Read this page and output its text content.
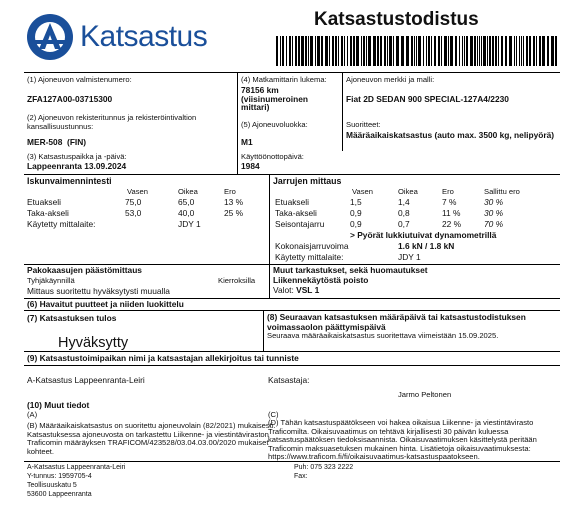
Katsastus
Katsastustodistus
(1) Ajoneuvon valmistenumero:
ZFA127A00-03715300
(2) Ajoneuvon rekisteritunnus ja rekisteröintivaltion kansallisuustunnus:
MER-508  (FIN)
(3) Katsastuspaikka ja -päivä:
Lappeenranta 13.09.2024
(4) Matkamittarin lukema:
78156 km (viisinumeroinen mittari)
(5) Ajoneuvoluokka:
M1
Käyttöönottopäivä:
1984
Ajoneuvon merkki ja malli:
Fiat 2D SEDAN 900 SPECIAL-127A4/2230
Suoritteet:
Määräaikaiskatsastus (auto max. 3500 kg, nelipyörä)
Iskunvaimennintesti
Vasen	Oikea	Ero
Etuakseli	75,0	65,0	13 %
Taka-akseli	53,0	40,0	25 %
Käytetty mittalaite:	JDY 1
Jarrujen mittaus
Vasen	Oikea	Ero	Sallittu ero
Etuakseli	1,5	1,4	7 %	30 %
Taka-akseli	0,9	0,8	11 %	30 %
Seisontajarru	0,9	0,7	22 %	70 %
> Pyörät lukkiutuivat dynamometrillä
Kokonaisjarruvoima	1.6 kN / 1.8 kN
Käytetty mittalaite:	JDY 1
Pakokaasujen päästömittaus
Tyhjäkäynnillä	Kierroksilla
Mittaus suoritettu hyväksytysti muualla
Muut tarkastukset, sekä huomautukset
Liikennekäytöstä poisto
Valot: VSL 1
(6) Havaitut puutteet ja niiden luokittelu
(7) Katsastuksen tulos
Hyväksytty
(8) Seuraavan katsastuksen määräpäivä tai katsastustodistuksen voimassaolon päättymispäivä
Seuraava määräaikaiskatsastus suoritettava viimeistään 15.09.2025.
(9) Katsastustoimipaikan nimi ja katsastajan allekirjoitus tai tunniste
A-Katsastus Lappeenranta-Leiri	Katsastaja:
Jarmo Peltonen
(10) Muut tiedot
(A)
(B) Määräaikaiskatsastus on suoritettu ajoneuvolain (82/2021) mukaisesti. Katsastuksessa ajoneuvosta on tarkastettu Liikenne- ja viestintäviraston Traficomin määräyksen TRAFICOM/423528/03.04.03.00/2020 mukaiset kohteet.
(C)
(D) Tähän katsastuspäätökseen voi hakea oikaisua Liikenne- ja viestintävirasto Traficomilta. Oikaisuvaatimus on tehtävä kirjallisesti 30 päivän kuluessa katsastuspäätöksen tiedoksisaannista. Oikaisuvaatimuksen käsittelystä peritään Traficomin maksuasetuksen mukainen hinta. Lisätietoja oikaisuvaatimuksesta: https://www.traficom.fi/fi/oikaisuvaatimus-katsastuspaatokseen.
A-Katsastus Lappeenranta-Leiri
Y-tunnus: 1959705-4
Teollisuuskatu 5
53600 Lappeenranta
Puh: 075 323 2222
Fax:
